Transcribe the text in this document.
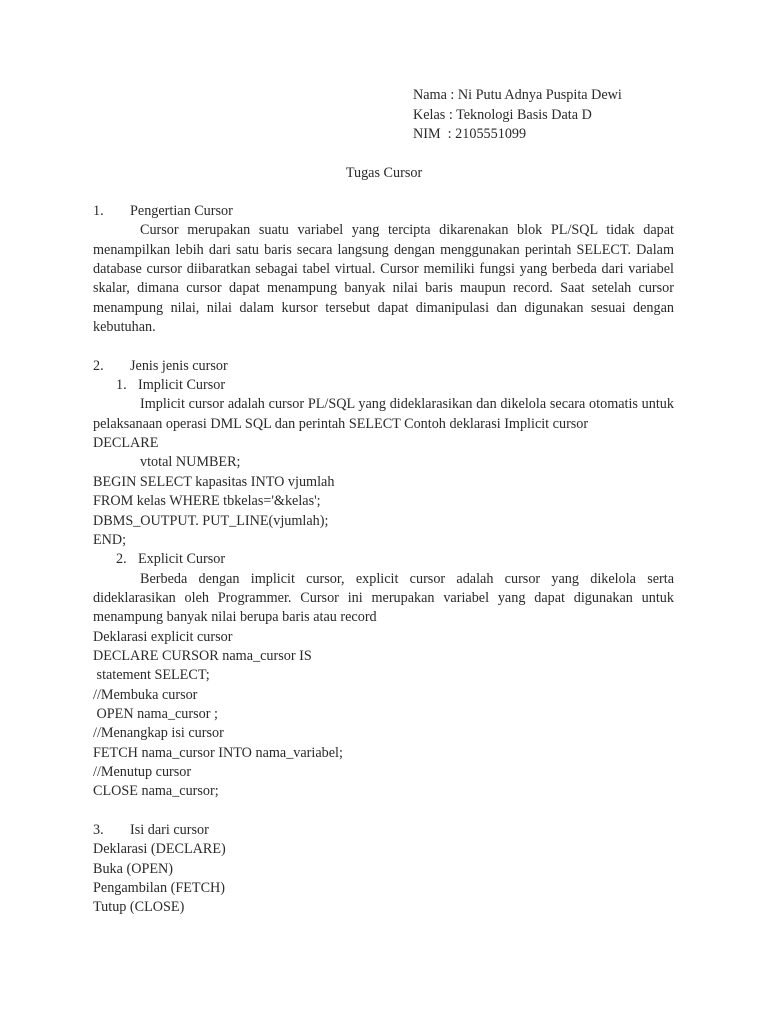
Nama : Ni Putu Adnya Puspita Dewi
Kelas : Teknologi Basis Data D
NIM  : 2105551099
Tugas Cursor
1. Pengertian Cursor
Cursor merupakan suatu variabel yang tercipta dikarenakan blok PL/SQL tidak dapat menampilkan lebih dari satu baris secara langsung dengan menggunakan perintah SELECT. Dalam database cursor diibaratkan sebagai tabel virtual. Cursor memiliki fungsi yang berbeda dari variabel skalar, dimana cursor dapat menampung banyak nilai baris maupun record. Saat setelah cursor menampung nilai, nilai dalam kursor tersebut dapat dimanipulasi dan digunakan sesuai dengan kebutuhan.
2. Jenis jenis cursor
1. Implicit Cursor
Implicit cursor adalah cursor PL/SQL yang dideklarasikan dan dikelola secara otomatis untuk pelaksanaan operasi DML SQL dan perintah SELECT Contoh deklarasi Implicit cursor
DECLARE
vtotal NUMBER;
BEGIN SELECT kapasitas INTO vjumlah
FROM kelas WHERE tbkelas='&kelas';
DBMS_OUTPUT. PUT_LINE(vjumlah);
END;
2. Explicit Cursor
Berbeda dengan implicit cursor, explicit cursor adalah cursor yang dikelola serta dideklarasikan oleh Programmer. Cursor ini merupakan variabel yang dapat digunakan untuk menampung banyak nilai berupa baris atau record
Deklarasi explicit cursor
DECLARE CURSOR nama_cursor IS
statement SELECT;
//Membuka cursor
OPEN nama_cursor ;
//Menangkap isi cursor
FETCH nama_cursor INTO nama_variabel;
//Menutup cursor
CLOSE nama_cursor;
3. Isi dari cursor
Deklarasi (DECLARE)
Buka (OPEN)
Pengambilan (FETCH)
Tutup (CLOSE)
